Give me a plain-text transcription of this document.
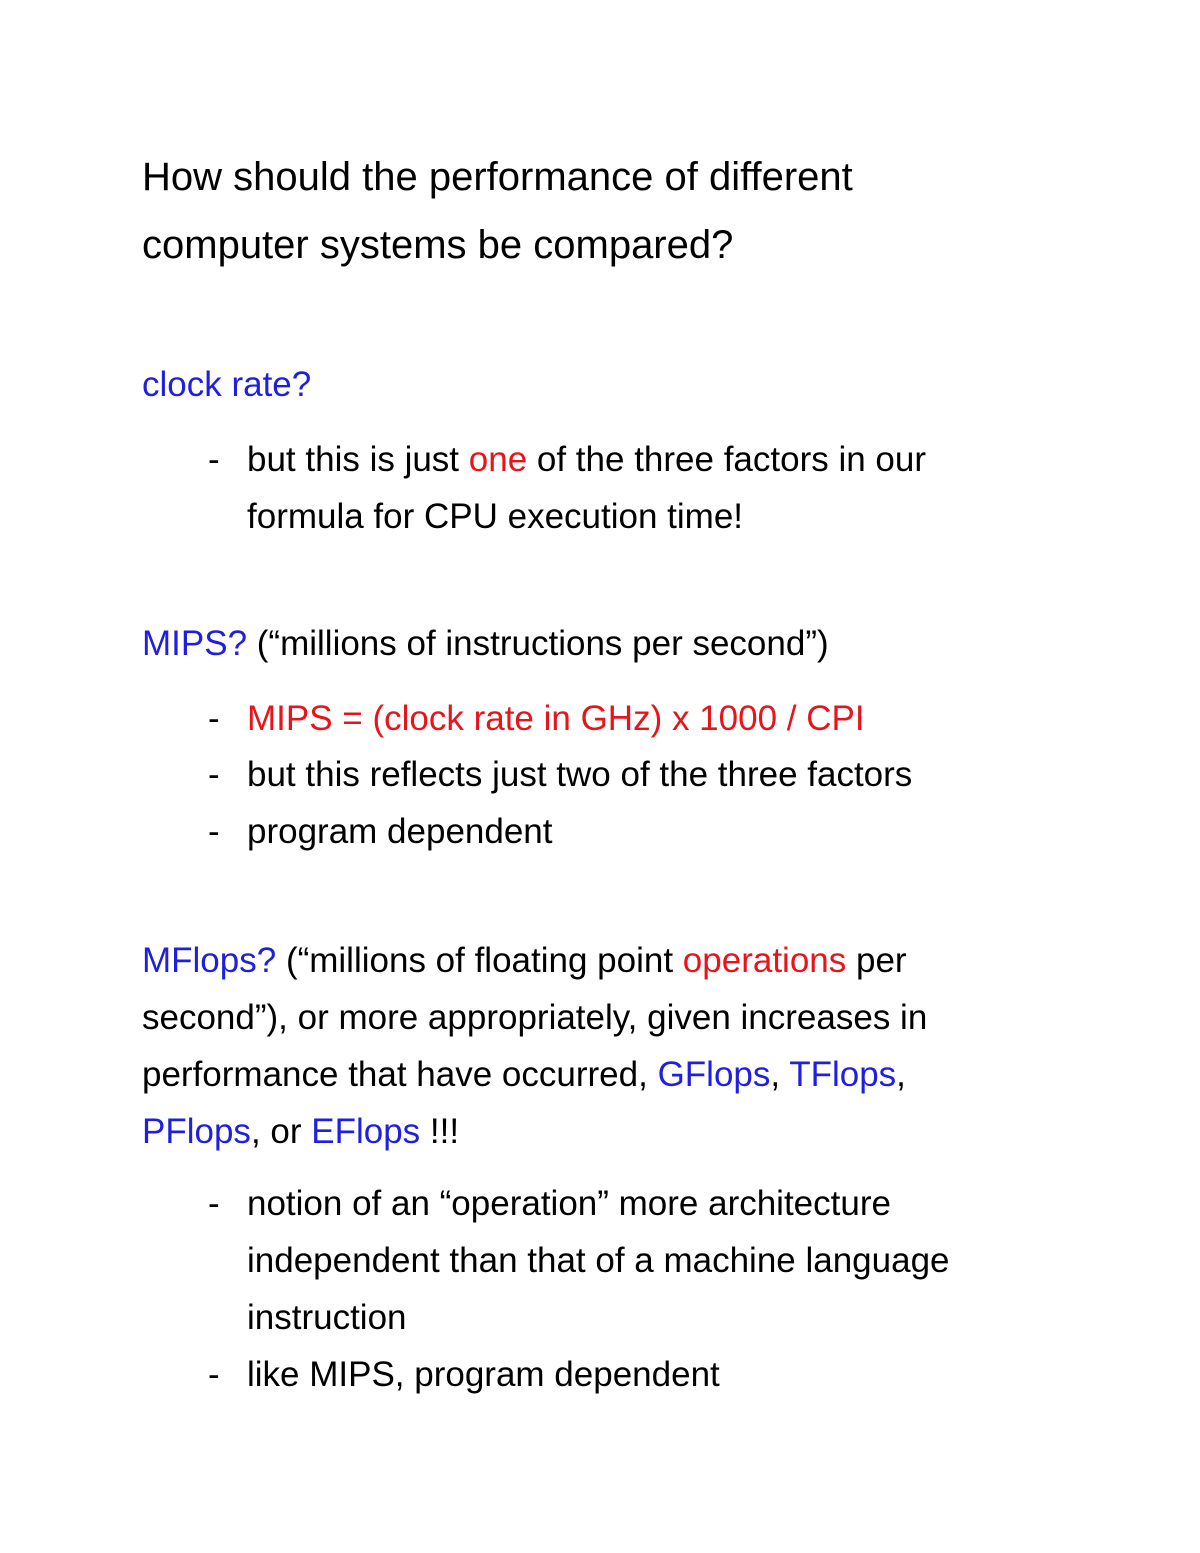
How should the performance of different
computer systems be compared?
clock rate?
- but this is just one of the three factors in our
formula for CPU execution time!
MIPS? (“millions of instructions per second”)
- MIPS = (clock rate in GHz) x 1000 / CPI
- but this reflects just two of the three factors
- program dependent
MFlops? (“millions of floating point operations per
second”), or more appropriately, given increases in
performance that have occurred, GFlops, TFlops,
PFlops, or EFlops !!!
- notion of an “operation” more architecture
independent than that of a machine language
instruction
- like MIPS, program dependent
